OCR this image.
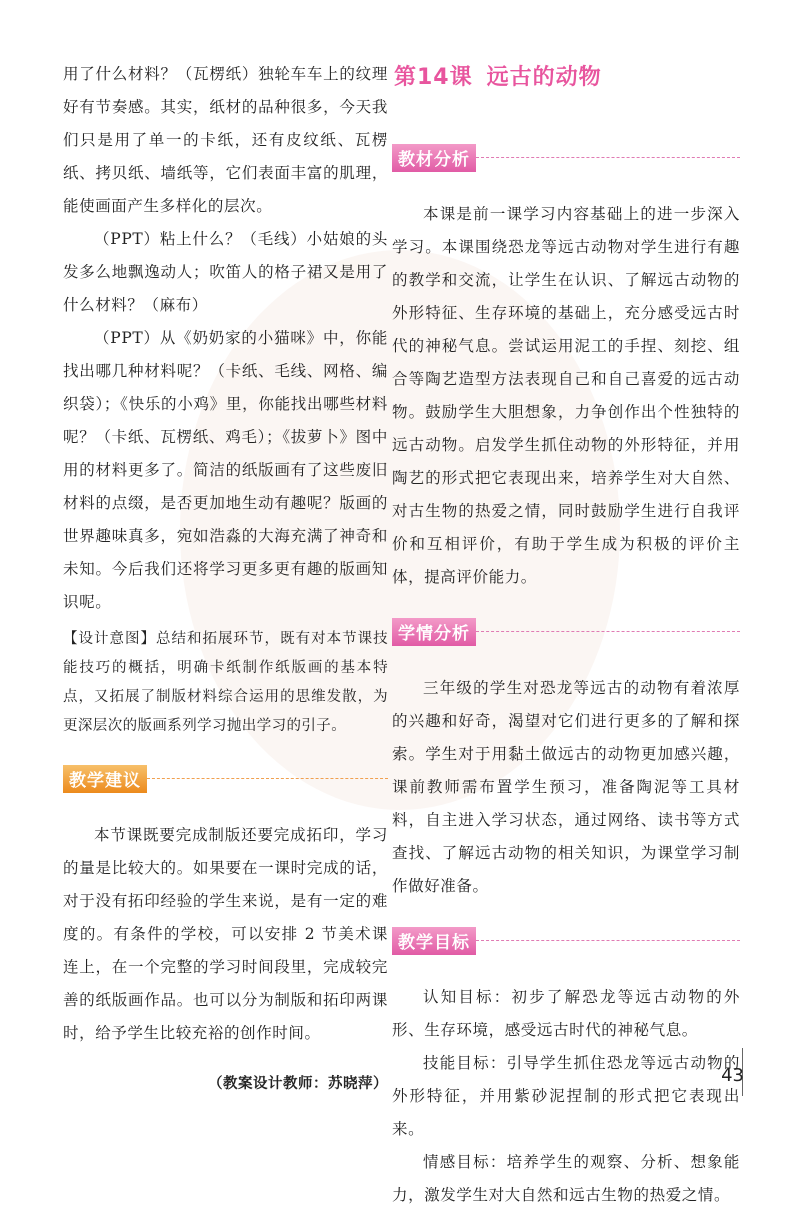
用了什么材料？（瓦楞纸）独轮车车上的纹理好有节奏感。其实，纸材的品种很多，今天我们只是用了单一的卡纸，还有皮纹纸、瓦楞纸、拷贝纸、墙纸等，它们表面丰富的肌理，能使画面产生多样化的层次。

（PPT）粘上什么？（毛线）小姑娘的头发多么地飘逸动人；吹笛人的格子裙又是用了什么材料？（麻布）

（PPT）从《奶奶家的小猫咪》中，你能找出哪几种材料呢？（卡纸、毛线、网格、编织袋）；《快乐的小鸡》里，你能找出哪些材料呢？（卡纸、瓦楞纸、鸡毛）；《拔萝卜》图中用的材料更多了。简洁的纸版画有了这些废旧材料的点缀，是否更加地生动有趣呢？版画的世界趣味真多，宛如浩淼的大海充满了神奇和未知。今后我们还将学习更多更有趣的版画知识呢。

【设计意图】总结和拓展环节，既有对本节课技能技巧的概括，明确卡纸制作纸版画的基本特点，又拓展了制版材料综合运用的思维发散，为更深层次的版画系列学习抛出学习的引子。

教学建议

本节课既要完成制版还要完成拓印，学习的量是比较大的。如果要在一课时完成的话，对于没有拓印经验的学生来说，是有一定的难度的。有条件的学校，可以安排 2 节美术课连上，在一个完整的学习时间段里，完成较完善的纸版画作品。也可以分为制版和拓印两课时，给予学生比较充裕的创作时间。

（教案设计教师：苏晓萍）
第14课 远古的动物
教材分析

本课是前一课学习内容基础上的进一步深入学习。本课围绕恐龙等远古动物对学生进行有趣的教学和交流，让学生在认识、了解远古动物的外形特征、生存环境的基础上，充分感受远古时代的神秘气息。尝试运用泥工的手捏、刻挖、组合等陶艺造型方法表现自己和自己喜爱的远古动物。鼓励学生大胆想象，力争创作出个性独特的远古动物。启发学生抓住动物的外形特征，并用陶艺的形式把它表现出来，培养学生对大自然、对古生物的热爱之情，同时鼓励学生进行自我评价和互相评价，有助于学生成为积极的评价主体，提高评价能力。

学情分析

三年级的学生对恐龙等远古的动物有着浓厚的兴趣和好奇，渴望对它们进行更多的了解和探索。学生对于用黏土做远古的动物更加感兴趣，课前教师需布置学生预习，准备陶泥等工具材料，自主进入学习状态，通过网络、读书等方式查找、了解远古动物的相关知识，为课堂学习制作做好准备。

教学目标

认知目标：初步了解恐龙等远古动物的外形、生存环境，感受远古时代的神秘气息。

技能目标：引导学生抓住恐龙等远古动物的外形特征，并用紫砂泥捏制的形式把它表现出来。

情感目标：培养学生的观察、分析、想象能力，激发学生对大自然和远古生物的热爱之情。

43
